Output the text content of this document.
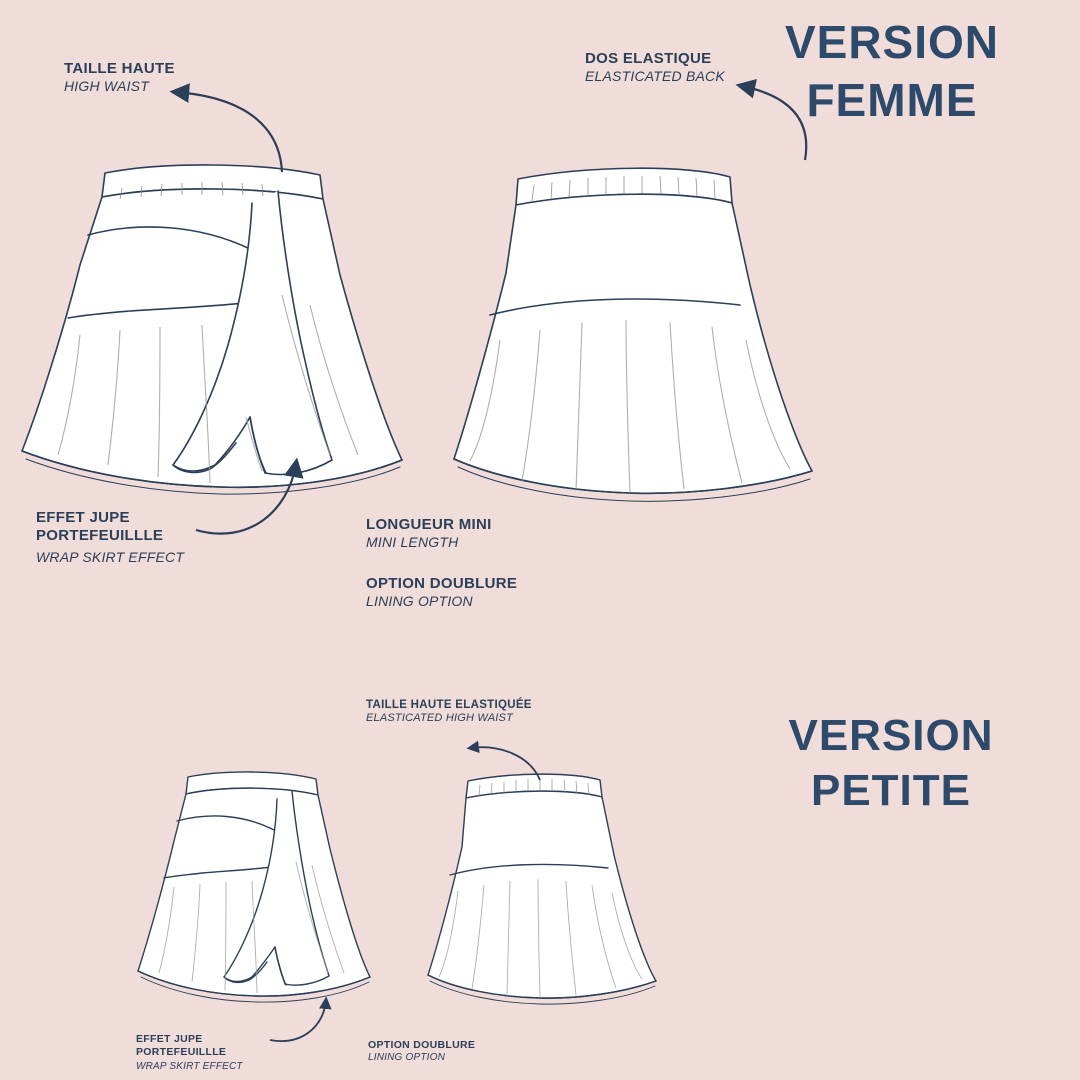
VERSION FEMME
VERSION PETITE
TAILLE HAUTE
HIGH WAIST
DOS ELASTIQUE
ELASTICATED BACK
EFFET JUPE
PORTEFEUILLLE
WRAP SKIRT EFFECT
LONGUEUR MINI
MINI LENGTH
OPTION DOUBLURE
LINING OPTION
TAILLE HAUTE ELASTIQUÉE
ELASTICATED HIGH WAIST
EFFET JUPE
PORTEFEUILLLE
WRAP SKIRT EFFECT
OPTION DOUBLURE
LINING OPTION
